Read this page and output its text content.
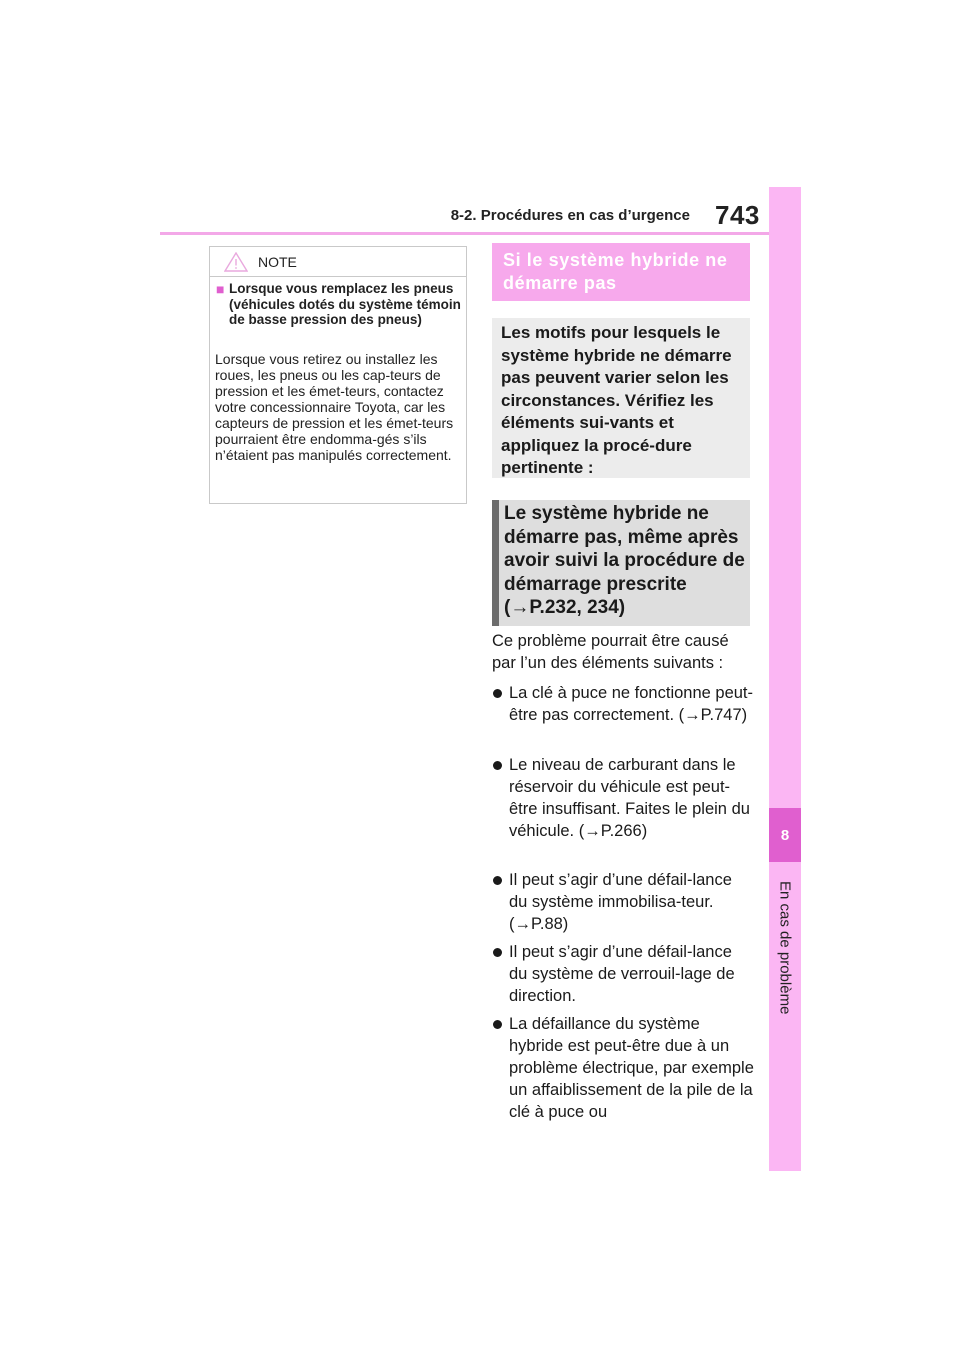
8-2. Procédures en cas d’urgence 743
8
En cas de problème
NOTE
■ Lorsque vous remplacez les pneus (véhicules dotés du système témoin de basse pression des pneus)
Lorsque vous retirez ou installez les roues, les pneus ou les cap-teurs de pression et les émet-teurs, contactez votre concessionnaire Toyota, car les capteurs de pression et les émet-teurs pourraient être endomma-gés s’ils n’étaient pas manipulés correctement.
Si le système hybride ne démarre pas
Les motifs pour lesquels le système hybride ne démarre pas peuvent varier selon les circonstances. Vérifiez les éléments sui-vants et appliquez la procé-dure pertinente :
Le système hybride ne démarre pas, même après avoir suivi la procédure de démarrage prescrite (→P.232, 234)
Ce problème pourrait être causé par l’un des éléments suivants :
La clé à puce ne fonctionne peut-être pas correctement. (→P.747)
Le niveau de carburant dans le réservoir du véhicule est peut-être insuffisant. Faites le plein du véhicule. (→P.266)
Il peut s’agir d’une défail-lance du système immobilisa-teur. (→P.88)
Il peut s’agir d’une défail-lance du système de verrouil-lage de direction.
La défaillance du système hybride est peut-être due à un problème électrique, par exemple un affaiblissement de la pile de la clé à puce ou
